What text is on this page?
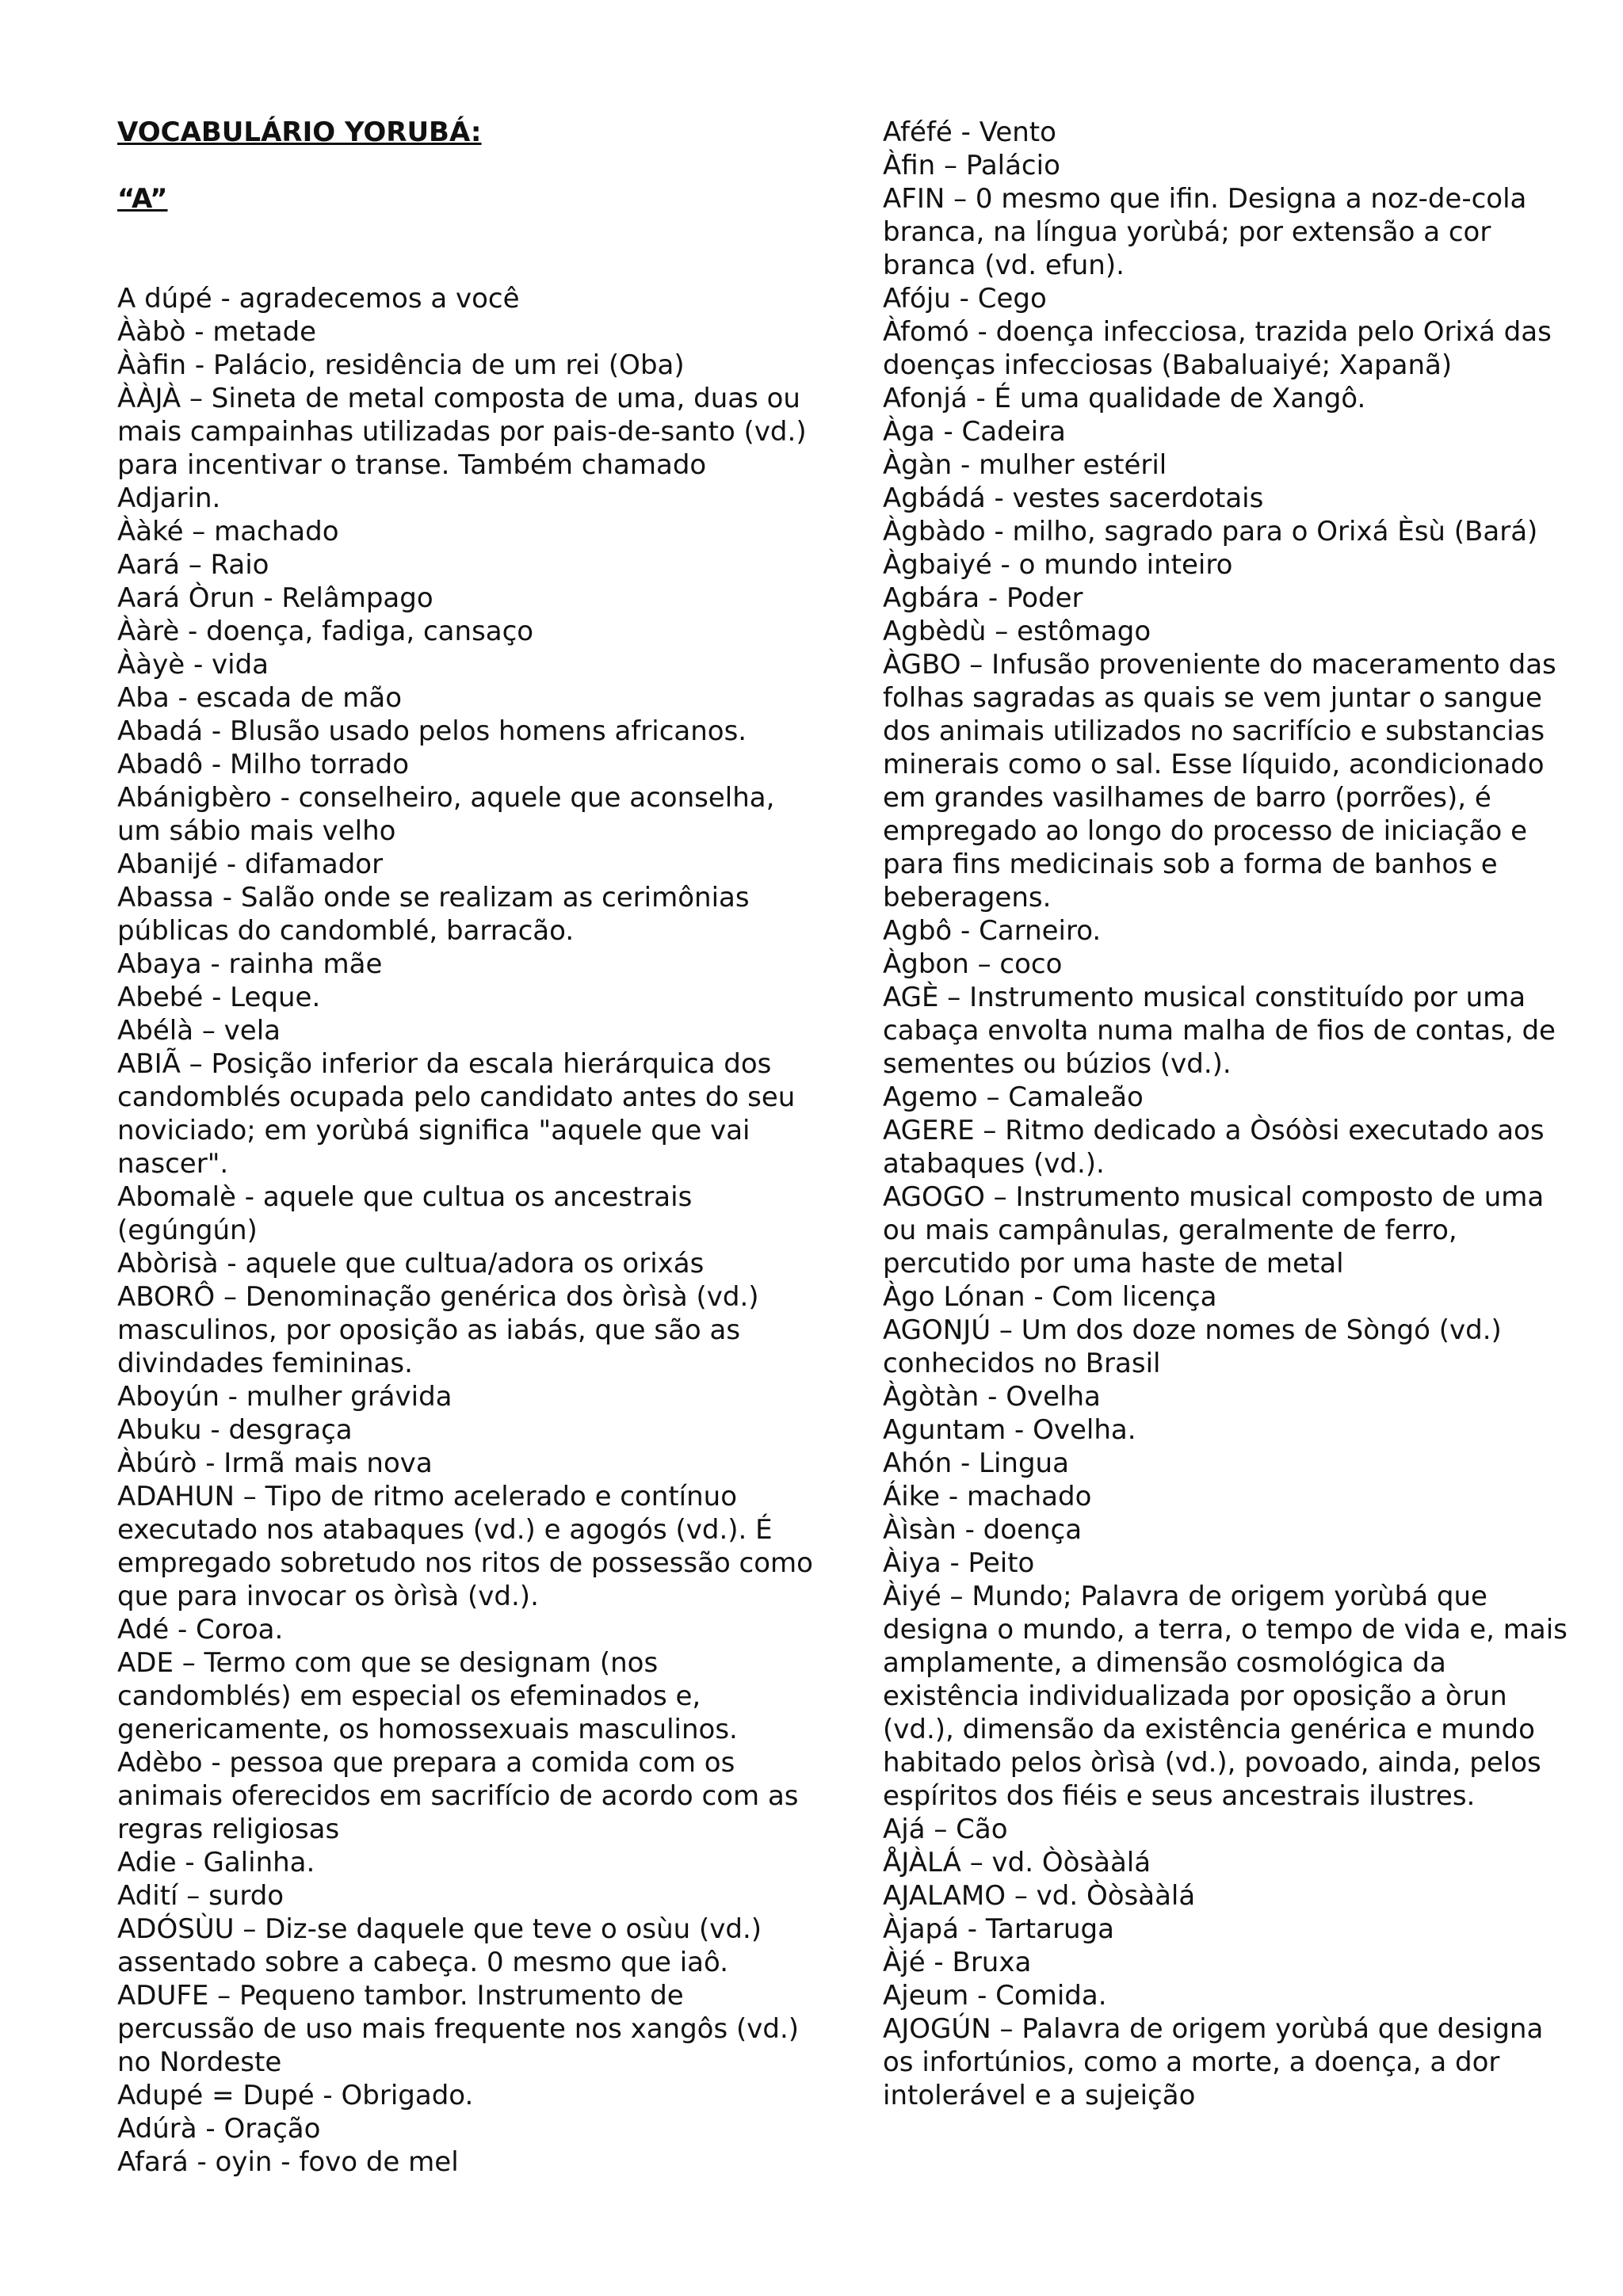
VOCABULÁRIO YORUBÁ:

“A”

A dúpé - agradecemos a você

Ààbò - metade

Ààfin - Palácio, residência de um rei (Oba)

ÀÀJÀ – Sineta de metal composta de uma, duas ou mais campainhas utilizadas por pais-de-santo (vd.) para incentivar o transe. Também chamado Adjarin.

Ààké – machado

Aará – Raio

Aará Òrun - Relâmpago

Ààrè - doença, fadiga, cansaço

Ààyè - vida

Aba - escada de mão

Abadá - Blusão usado pelos homens africanos.

Abadô - Milho torrado

Abánigbèro - conselheiro, aquele que aconselha, um sábio mais velho

Abanijé - difamador

Abassa - Salão onde se realizam as cerimônias públicas do candomblé, barracão.

Abaya - rainha mãe

Abebé - Leque.

Abélà – vela

ABIÃ – Posição inferior da escala hierárquica dos candomblés ocupada pelo candidato antes do seu noviciado; em yorùbá significa "aquele que vai nascer".

Abomalè - aquele que cultua os ancestrais (egúngún)

Abòrisà - aquele que cultua/adora os orixás

ABORÔ – Denominação genérica dos òrìsà (vd.) masculinos, por oposição as iabás, que são as divindades femininas.

Aboyún - mulher grávida

Abuku - desgraça

Àbúrò - Irmã mais nova

ADAHUN – Tipo de ritmo acelerado e contínuo executado nos atabaques (vd.) e agogós (vd.). É empregado sobretudo nos ritos de possessão como que para invocar os òrìsà (vd.).

Adé - Coroa.

ADE – Termo com que se designam (nos candomblés) em especial os efeminados e, genericamente, os homossexuais masculinos.

Adèbo - pessoa que prepara a comida com os animais oferecidos em sacrifício de acordo com as regras religiosas

Adie - Galinha.

Adití – surdo

ADÓSÙU – Diz-se daquele que teve o osùu (vd.) assentado sobre a cabeça. 0 mesmo que iaô.

ADUFE – Pequeno tambor. Instrumento de percussão de uso mais frequente nos xangôs (vd.) no Nordeste

Adupé = Dupé - Obrigado.

Adúrà - Oração

Afará - oyin - fovo de mel

Aféfé - Vento

Àfin – Palácio

AFIN – 0 mesmo que ifin. Designa a noz-de-cola branca, na língua yorùbá; por extensão a cor branca (vd. efun).

Afóju - Cego

Àfomó - doença infecciosa, trazida pelo Orixá das doenças infecciosas (Babaluaiyé; Xapanã)

Afonjá - É uma qualidade de Xangô.

Àga - Cadeira

Àgàn - mulher estéril

Agbádá - vestes sacerdotais

Àgbàdo - milho, sagrado para o Orixá Èsù (Bará)

Àgbaiyé - o mundo inteiro

Agbára - Poder

Agbèdù – estômago

ÀGBO – Infusão proveniente do maceramento das folhas sagradas as quais se vem juntar o sangue dos animais utilizados no sacrifício e substancias minerais como o sal. Esse Iíquido, acondicionado em grandes vasilhames de barro (porrões), é empregado ao longo do processo de iniciação e para fins medicinais sob a forma de banhos e beberagens.

Agbô - Carneiro.

Àgbon – coco

AGÈ – Instrumento musical constituído por uma cabaça envolta numa malha de fios de contas, de sementes ou búzios (vd.).

Agemo – Camaleão

AGERE – Ritmo dedicado a Òsóòsi executado aos atabaques (vd.).

AGOGO – Instrumento musical composto de uma ou mais campânulas, geralmente de ferro, percutido por uma haste de metal

Àgo Lónan - Com licença

AGONJÚ – Um dos doze nomes de Sòngó (vd.) conhecidos no Brasil

Àgòtàn - Ovelha

Aguntam - Ovelha.

Ahón - Lingua

Áike - machado

Àìsàn - doença

Àiya - Peito

Àiyé – Mundo; Palavra de origem yorùbá que designa o mundo, a terra, o tempo de vida e, mais amplamente, a dimensão cosmológica da existência individualizada por oposição a òrun (vd.), dimensão da existência genérica e mundo habitado pelos òrìsà (vd.), povoado, ainda, pelos espíritos dos fiéis e seus ancestrais ilustres.

Ajá – Cão

ÅJÀLÁ – vd. Òòsààlá

AJALAMO – vd. Òòsààlá

Àjapá - Tartaruga

Àjé - Bruxa

Ajeum - Comida.

AJOGÚN – Palavra de origem yorùbá que designa os infortúnios, como a morte, a doença, a dor intolerável e a sujeição
